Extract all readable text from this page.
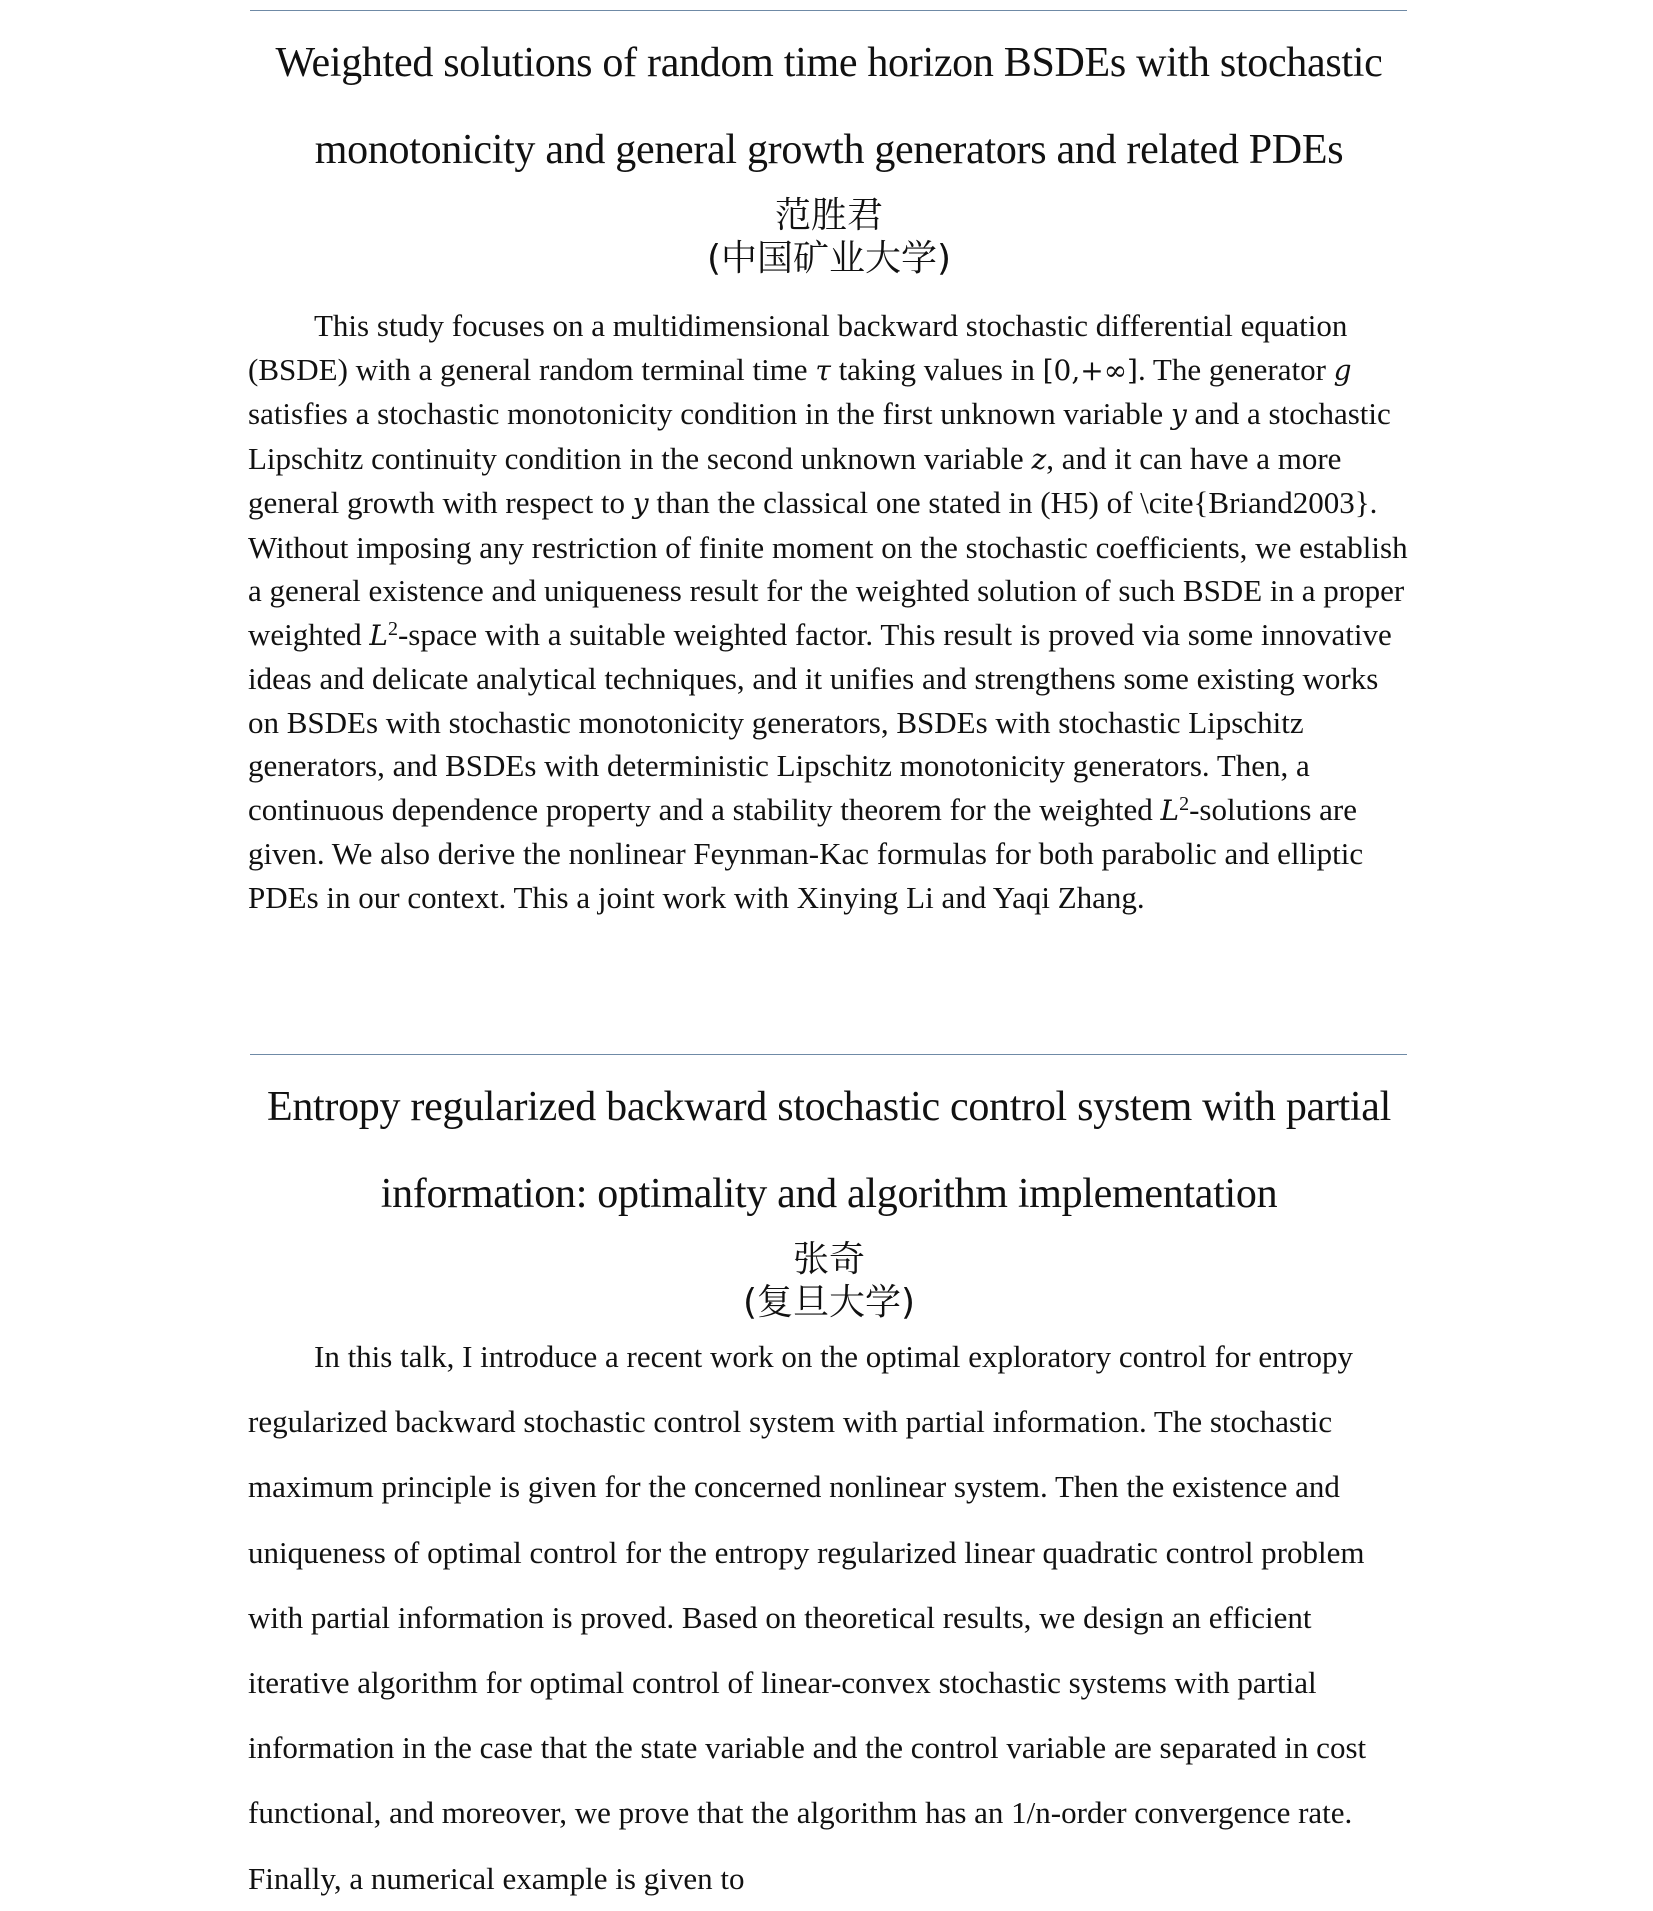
Weighted solutions of random time horizon BSDEs with stochastic
monotonicity and general growth generators and related PDEs

范胜君

(中国矿业大学)

This study focuses on a multidimensional backward stochastic differential equation (BSDE) with a general random terminal time τ taking values in [0,+∞]. The generator g satisfies a stochastic monotonicity condition in the first unknown variable y and a stochastic Lipschitz continuity condition in the second unknown variable z, and it can have a more general growth with respect to y than the classical one stated in (H5) of \cite{Briand2003}. Without imposing any restriction of finite moment on the stochastic coefficients, we establish a general existence and uniqueness result for the weighted solution of such BSDE in a proper weighted $L^2$-space with a suitable weighted factor. This result is proved via some innovative ideas and delicate analytical techniques, and it unifies and strengthens some existing works on BSDEs with stochastic monotonicity generators, BSDEs with stochastic Lipschitz generators, and BSDEs with deterministic Lipschitz monotonicity generators. Then, a continuous dependence property and a stability theorem for the weighted $L^2$-solutions are given. We also derive the nonlinear Feynman-Kac formulas for both parabolic and elliptic PDEs in our context. This a joint work with Xinying Li and Yaqi Zhang.

Entropy regularized backward stochastic control system with partial
information: optimality and algorithm implementation

张奇

(复旦大学)

In this talk, I introduce a recent work on the optimal exploratory control for entropy regularized backward stochastic control system with partial information. The stochastic maximum principle is given for the concerned nonlinear system. Then the existence and uniqueness of optimal control for the entropy regularized linear quadratic control problem with partial information is proved. Based on theoretical results, we design an efficient iterative algorithm for optimal control of linear-convex stochastic systems with partial information in the case that the state variable and the control variable are separated in cost functional, and moreover, we prove that the algorithm has an 1/n-order convergence rate. Finally, a numerical example is given to
